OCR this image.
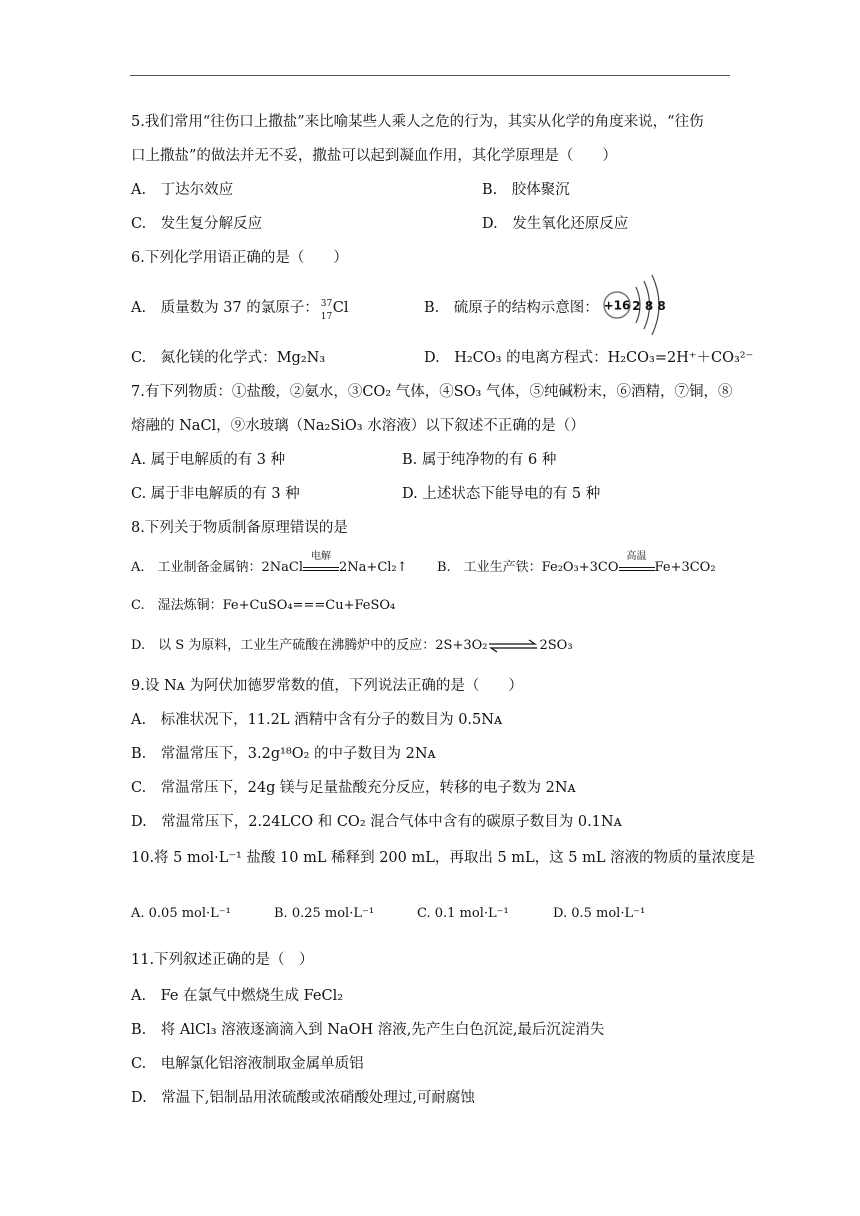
5.我们常用“往伤口上撒盐”来比喻某些人乘人之危的行为，其实从化学的角度来说，“往伤
口上撒盐”的做法并无不妥，撒盐可以起到凝血作用，其化学原理是（　　）
A.　丁达尔效应	B.　胶体聚沉
C.　发生复分解反应	D.　发生氧化还原反应
6.下列化学用语正确的是（　　）
A.　质量数为 37 的氯原子： 37
17
Cl	B.　硫原子的结构示意图： +16 2 8 8
C.　氮化镁的化学式：Mg₂N₃	D.　H₂CO₃ 的电离方程式：H₂CO₃=2H⁺＋CO₃²⁻
7.有下列物质：①盐酸，②氨水，③CO₂ 气体，④SO₃ 气体，⑤纯碱粉末，⑥酒精，⑦铜，⑧
熔融的 NaCl，⑨水玻璃（Na₂SiO₃ 水溶液）以下叙述不正确的是（）
A. 属于电解质的有 3 种	B. 属于纯净物的有 6 种
C. 属于非电解质的有 3 种	D. 上述状态下能导电的有 5 种
8.下列关于物质制备原理错误的是
A.　工业制备金属钠：2NaCl
电解
2Na+Cl₂↑ B.　工业生产铁：Fe₂O₃+3CO
高温
Fe+3CO₂
C.　湿法炼铜：Fe+CuSO₄===Cu+FeSO₄
D.　以 S 为原料，工业生产硫酸在沸腾炉中的反应：2S+3O₂⇌2SO₃
9.设 Nᴀ 为阿伏加德罗常数的值，下列说法正确的是（　　）
A.　标准状况下，11.2L 酒精中含有分子的数目为 0.5Nᴀ
B.　常温常压下，3.2g¹⁸O₂ 的中子数目为 2Nᴀ
C.　常温常压下，24g 镁与足量盐酸充分反应，转移的电子数为 2Nᴀ
D.　常温常压下，2.24LCO 和 CO₂ 混合气体中含有的碳原子数目为 0.1Nᴀ
10.将 5 mol·L⁻¹ 盐酸 10 mL 稀释到 200 mL，再取出 5 mL，这 5 mL 溶液的物质的量浓度是
A. 0.05 mol·L⁻¹	B. 0.25 mol·L⁻¹	C. 0.1 mol·L⁻¹	D. 0.5 mol·L⁻¹
11.下列叙述正确的是（　）
A.　Fe 在氯气中燃烧生成 FeCl₂
B.　将 AlCl₃ 溶液逐滴滴入到 NaOH 溶液,先产生白色沉淀,最后沉淀消失
C.　电解氯化铝溶液制取金属单质铝
D.　常温下,铝制品用浓硫酸或浓硝酸处理过,可耐腐蚀
